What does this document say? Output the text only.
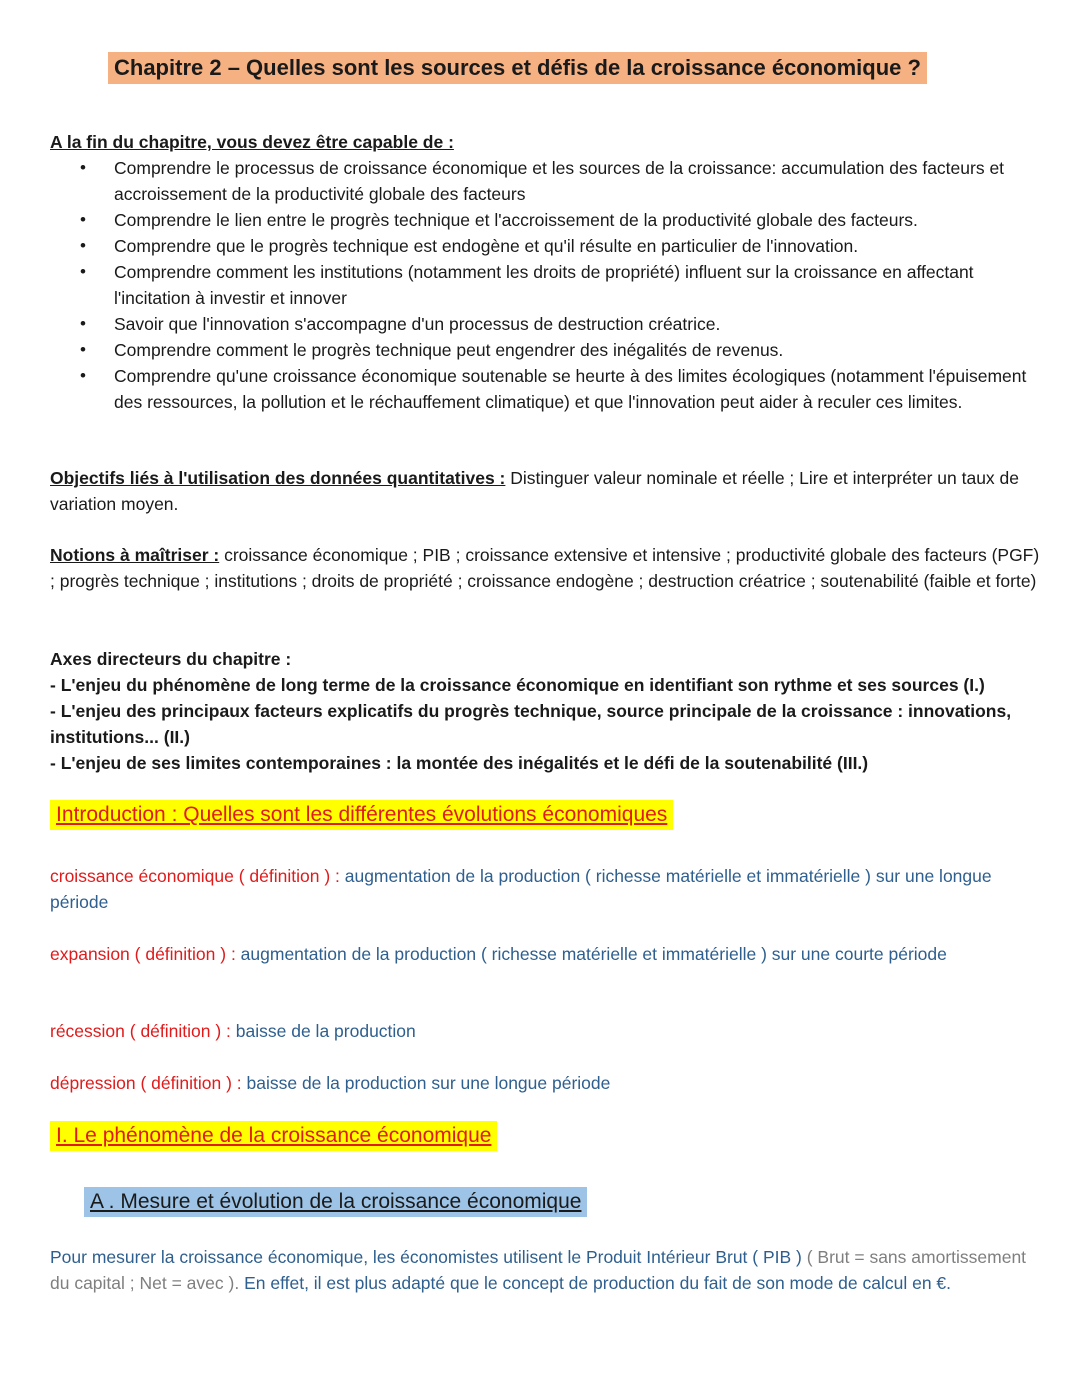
Chapitre 2 – Quelles sont les sources et défis de la croissance économique ?
A la fin du chapitre, vous devez être capable de :
• Comprendre le processus de croissance économique et les sources de la croissance: accumulation des facteurs et accroissement de la productivité globale des facteurs
• Comprendre le lien entre le progrès technique et l'accroissement de la productivité globale des facteurs.
• Comprendre que le progrès technique est endogène et qu'il résulte en particulier de l'innovation.
• Comprendre comment les institutions (notamment les droits de propriété) influent sur la croissance en affectant l'incitation à investir et innover
• Savoir que l'innovation s'accompagne d'un processus de destruction créatrice.
• Comprendre comment le progrès technique peut engendrer des inégalités de revenus.
• Comprendre qu'une croissance économique soutenable se heurte à des limites écologiques (notamment l'épuisement des ressources, la pollution et le réchauffement climatique) et que l'innovation peut aider à reculer ces limites.
Objectifs liés à l'utilisation des données quantitatives : Distinguer valeur nominale et réelle ; Lire et interpréter un taux de variation moyen.
Notions à maîtriser : croissance économique ; PIB ; croissance extensive et intensive ; productivité globale des facteurs (PGF) ; progrès technique ; institutions ; droits de propriété ; croissance endogène ; destruction créatrice ; soutenabilité (faible et forte)
Axes directeurs du chapitre :
- L'enjeu du phénomène de long terme de la croissance économique en identifiant son rythme et ses sources (I.)
- L'enjeu des principaux facteurs explicatifs du progrès technique, source principale de la croissance : innovations, institutions... (II.)
- L'enjeu de ses limites contemporaines : la montée des inégalités et le défi de la soutenabilité (III.)
Introduction : Quelles sont les différentes évolutions économiques
croissance économique ( définition ) : augmentation de la production ( richesse matérielle et immatérielle ) sur une longue période
expansion ( définition ) : augmentation de la production ( richesse matérielle et immatérielle ) sur une courte période
récession ( définition ) : baisse de la production
dépression ( définition ) : baisse de la production sur une longue période
I. Le phénomène de la croissance économique
A . Mesure et évolution de la croissance économique
Pour mesurer la croissance économique, les économistes utilisent le Produit Intérieur Brut ( PIB ) ( Brut = sans amortissement du capital ; Net = avec ). En effet, il est plus adapté que le concept de production du fait de son mode de calcul en €.
